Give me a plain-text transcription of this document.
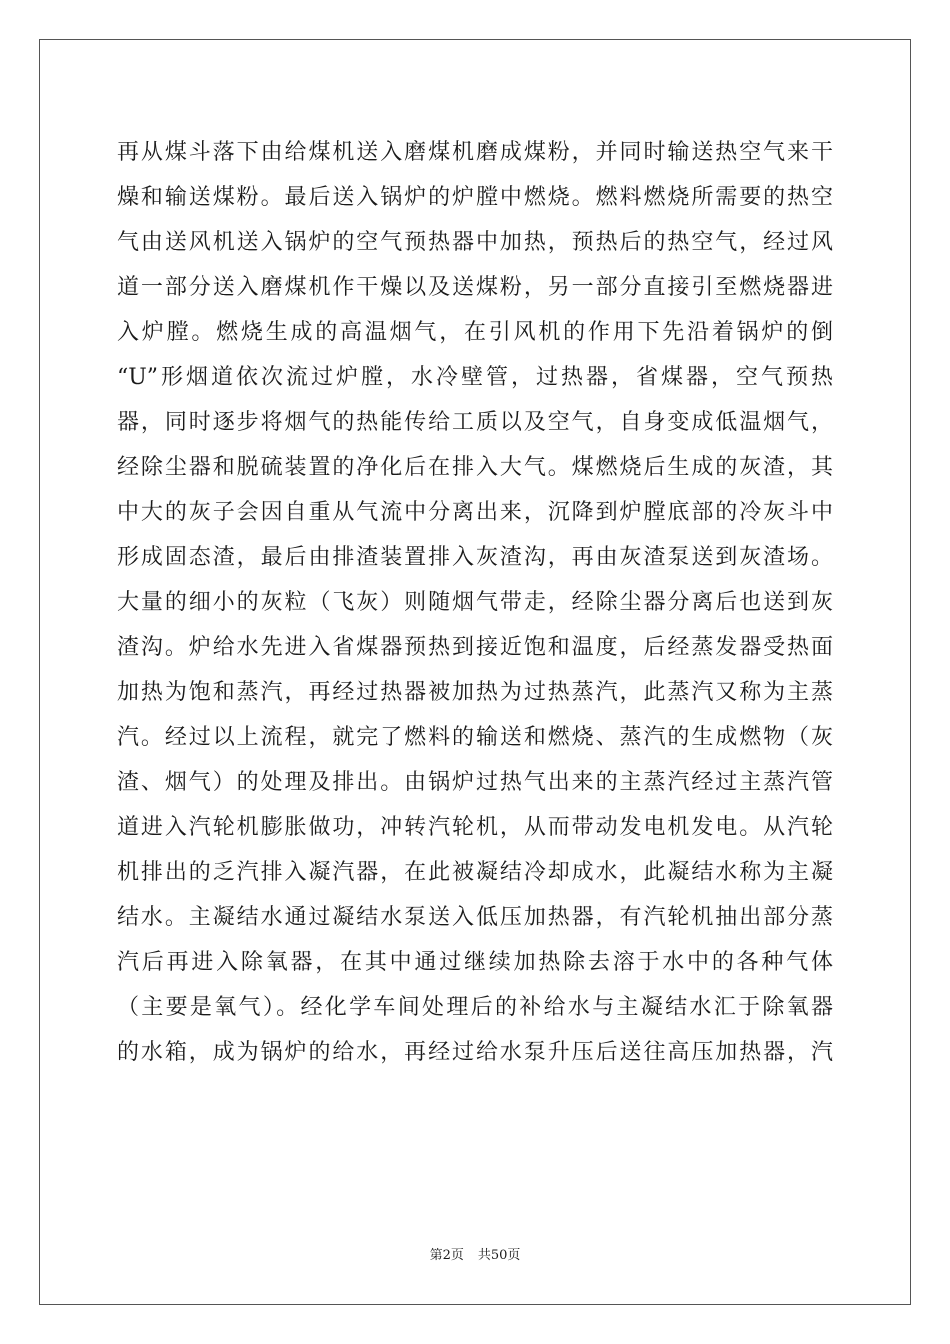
再从煤斗落下由给煤机送入磨煤机磨成煤粉，并同时输送热空气来干
燥和输送煤粉。最后送入锅炉的炉膛中燃烧。燃料燃烧所需要的热空
气由送风机送入锅炉的空气预热器中加热，预热后的热空气，经过风
道一部分送入磨煤机作干燥以及送煤粉，另一部分直接引至燃烧器进
入炉膛。燃烧生成的高温烟气，在引风机的作用下先沿着锅炉的倒
“U”形烟道依次流过炉膛，水冷壁管，过热器，省煤器，空气预热
器，同时逐步将烟气的热能传给工质以及空气，自身变成低温烟气，
经除尘器和脱硫装置的净化后在排入大气。煤燃烧后生成的灰渣，其
中大的灰子会因自重从气流中分离出来，沉降到炉膛底部的冷灰斗中
形成固态渣，最后由排渣装置排入灰渣沟，再由灰渣泵送到灰渣场。
大量的细小的灰粒（飞灰）则随烟气带走，经除尘器分离后也送到灰
渣沟。炉给水先进入省煤器预热到接近饱和温度，后经蒸发器受热面
加热为饱和蒸汽，再经过热器被加热为过热蒸汽，此蒸汽又称为主蒸
汽。经过以上流程，就完了燃料的输送和燃烧、蒸汽的生成燃物（灰
渣、烟气）的处理及排出。由锅炉过热气出来的主蒸汽经过主蒸汽管
道进入汽轮机膨胀做功，冲转汽轮机，从而带动发电机发电。从汽轮
机排出的乏汽排入凝汽器，在此被凝结冷却成水，此凝结水称为主凝
结水。主凝结水通过凝结水泵送入低压加热器，有汽轮机抽出部分蒸
汽后再进入除氧器，在其中通过继续加热除去溶于水中的各种气体
（主要是氧气）。经化学车间处理后的补给水与主凝结水汇于除氧器
的水箱，成为锅炉的给水，再经过给水泵升压后送往高压加热器，汽
第2页 共50页
